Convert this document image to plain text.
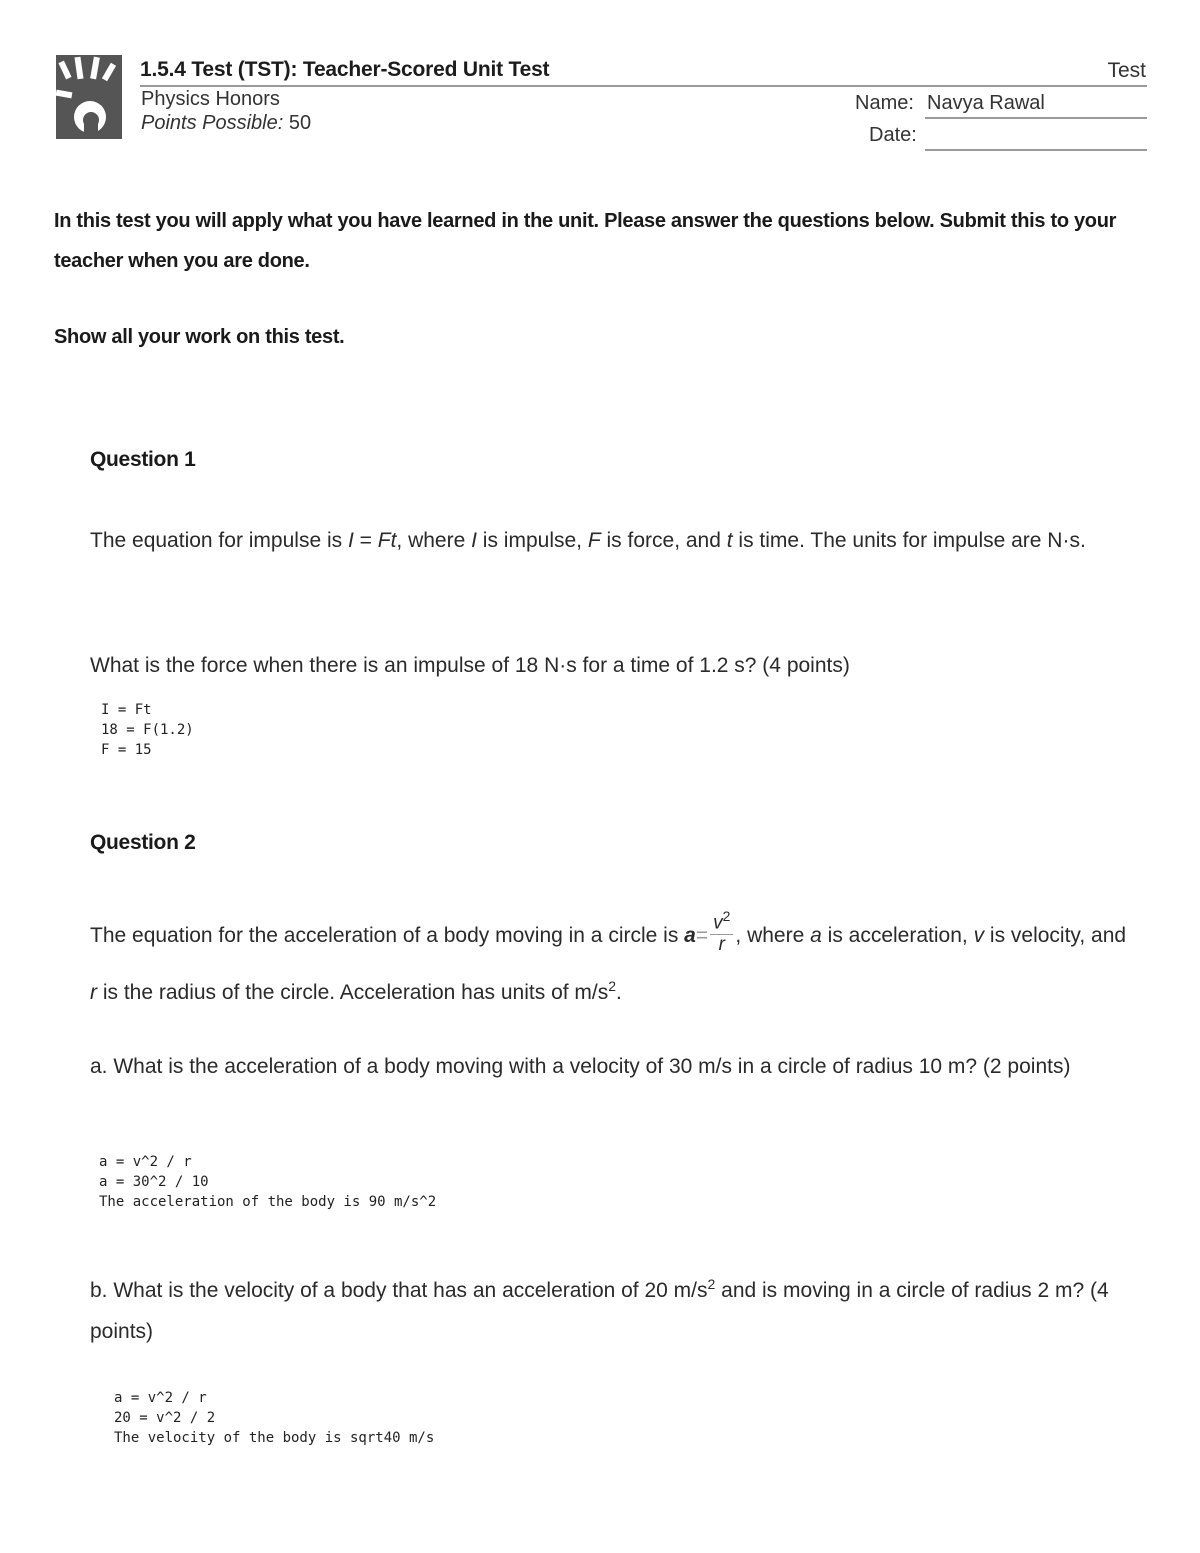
1.5.4 Test (TST): Teacher-Scored Unit Test	Test
Physics Honors
Points Possible: 50
Name: Navya Rawal
Date:
In this test you will apply what you have learned in the unit. Please answer the questions below. Submit this to your teacher when you are done.
Show all your work on this test.
Question 1
The equation for impulse is I = Ft, where I is impulse, F is force, and t is time. The units for impulse are N·s.
What is the force when there is an impulse of 18 N·s for a time of 1.2 s? (4 points)
I = Ft
18 = F(1.2)
F = 15
Question 2
The equation for the acceleration of a body moving in a circle is $a= \frac{v^2}{r}$ , where a is acceleration, v is velocity, and r is the radius of the circle. Acceleration has units of $m/s^2$.
a. What is the acceleration of a body moving with a velocity of 30 m/s in a circle of radius 10 m? (2 points)
a = v^2 / r
a = 30^2 / 10
The acceleration of the body is 90 m/s^2
b. What is the velocity of a body that has an acceleration of 20 $m/s^2$ and is moving in a circle of radius 2 m? (4 points)
a = v^2 / r
20 = v^2 / 2
The velocity of the body is sqrt40 m/s
